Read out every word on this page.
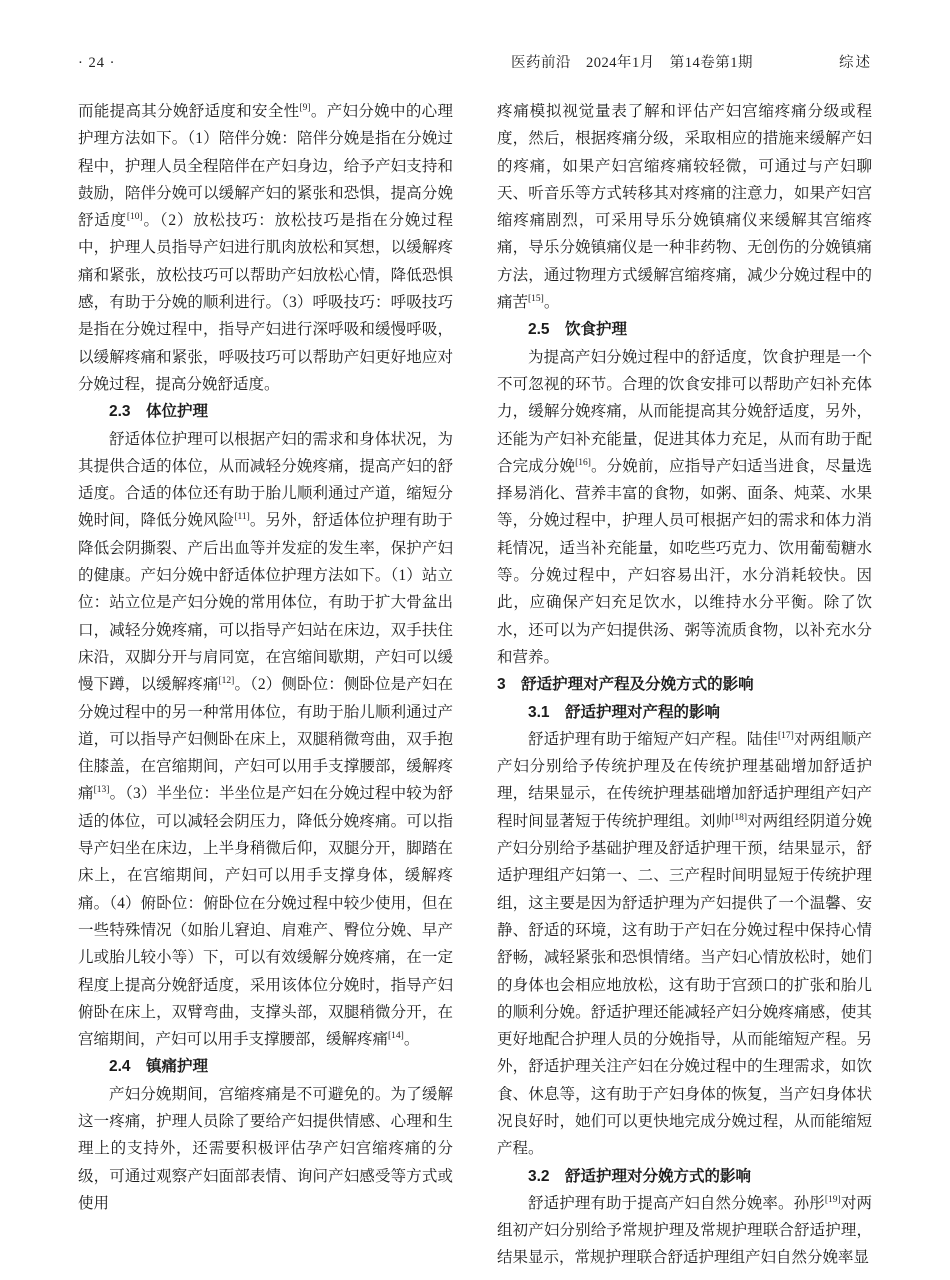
· 24 ·	医药前沿　2024年1月　第14卷第1期	综述

而能提高其分娩舒适度和安全性[9]。产妇分娩中的心理护理方法如下。（1）陪伴分娩：陪伴分娩是指在分娩过程中，护理人员全程陪伴在产妇身边，给予产妇支持和鼓励，陪伴分娩可以缓解产妇的紧张和恐惧，提高分娩舒适度[10]。（2）放松技巧：放松技巧是指在分娩过程中，护理人员指导产妇进行肌肉放松和冥想，以缓解疼痛和紧张，放松技巧可以帮助产妇放松心情，降低恐惧感，有助于分娩的顺利进行。（3）呼吸技巧：呼吸技巧是指在分娩过程中，指导产妇进行深呼吸和缓慢呼吸，以缓解疼痛和紧张，呼吸技巧可以帮助产妇更好地应对分娩过程，提高分娩舒适度。

2.3　体位护理

舒适体位护理可以根据产妇的需求和身体状况，为其提供合适的体位，从而减轻分娩疼痛，提高产妇的舒适度。合适的体位还有助于胎儿顺利通过产道，缩短分娩时间，降低分娩风险[11]。另外，舒适体位护理有助于降低会阴撕裂、产后出血等并发症的发生率，保护产妇的健康。产妇分娩中舒适体位护理方法如下。（1）站立位：站立位是产妇分娩的常用体位，有助于扩大骨盆出口，减轻分娩疼痛，可以指导产妇站在床边，双手扶住床沿，双脚分开与肩同宽，在宫缩间歇期，产妇可以缓慢下蹲，以缓解疼痛[12]。（2）侧卧位：侧卧位是产妇在分娩过程中的另一种常用体位，有助于胎儿顺利通过产道，可以指导产妇侧卧在床上，双腿稍微弯曲，双手抱住膝盖，在宫缩期间，产妇可以用手支撑腰部，缓解疼痛[13]。（3）半坐位：半坐位是产妇在分娩过程中较为舒适的体位，可以减轻会阴压力，降低分娩疼痛。可以指导产妇坐在床边，上半身稍微后仰，双腿分开，脚踏在床上，在宫缩期间，产妇可以用手支撑身体，缓解疼痛。（4）俯卧位：俯卧位在分娩过程中较少使用，但在一些特殊情况（如胎儿窘迫、肩难产、臀位分娩、早产儿或胎儿较小等）下，可以有效缓解分娩疼痛，在一定程度上提高分娩舒适度，采用该体位分娩时，指导产妇俯卧在床上，双臂弯曲，支撑头部，双腿稍微分开，在宫缩期间，产妇可以用手支撑腰部，缓解疼痛[14]。

2.4　镇痛护理

产妇分娩期间，宫缩疼痛是不可避免的。为了缓解这一疼痛，护理人员除了要给产妇提供情感、心理和生理上的支持外，还需要积极评估孕产妇宫缩疼痛的分级，可通过观察产妇面部表情、询问产妇感受等方式或使用

疼痛模拟视觉量表了解和评估产妇宫缩疼痛分级或程度，然后，根据疼痛分级，采取相应的措施来缓解产妇的疼痛，如果产妇宫缩疼痛较轻微，可通过与产妇聊天、听音乐等方式转移其对疼痛的注意力，如果产妇宫缩疼痛剧烈，可采用导乐分娩镇痛仪来缓解其宫缩疼痛，导乐分娩镇痛仪是一种非药物、无创伤的分娩镇痛方法，通过物理方式缓解宫缩疼痛，减少分娩过程中的痛苦[15]。

2.5　饮食护理

为提高产妇分娩过程中的舒适度，饮食护理是一个不可忽视的环节。合理的饮食安排可以帮助产妇补充体力，缓解分娩疼痛，从而能提高其分娩舒适度，另外，还能为产妇补充能量，促进其体力充足，从而有助于配合完成分娩[16]。分娩前，应指导产妇适当进食，尽量选择易消化、营养丰富的食物，如粥、面条、炖菜、水果等，分娩过程中，护理人员可根据产妇的需求和体力消耗情况，适当补充能量，如吃些巧克力、饮用葡萄糖水等。分娩过程中，产妇容易出汗，水分消耗较快。因此，应确保产妇充足饮水，以维持水分平衡。除了饮水，还可以为产妇提供汤、粥等流质食物，以补充水分和营养。

3　舒适护理对产程及分娩方式的影响

3.1　舒适护理对产程的影响

舒适护理有助于缩短产妇产程。陆佳[17]对两组顺产产妇分别给予传统护理及在传统护理基础增加舒适护理，结果显示，在传统护理基础增加舒适护理组产妇产程时间显著短于传统护理组。刘帅[18]对两组经阴道分娩产妇分别给予基础护理及舒适护理干预，结果显示，舒适护理组产妇第一、二、三产程时间明显短于传统护理组，这主要是因为舒适护理为产妇提供了一个温馨、安静、舒适的环境，这有助于产妇在分娩过程中保持心情舒畅，减轻紧张和恐惧情绪。当产妇心情放松时，她们的身体也会相应地放松，这有助于宫颈口的扩张和胎儿的顺利分娩。舒适护理还能减轻产妇分娩疼痛感，使其更好地配合护理人员的分娩指导，从而能缩短产程。另外，舒适护理关注产妇在分娩过程中的生理需求，如饮食、休息等，这有助于产妇身体的恢复，当产妇身体状况良好时，她们可以更快地完成分娩过程，从而能缩短产程。

3.2　舒适护理对分娩方式的影响

舒适护理有助于提高产妇自然分娩率。孙彤[19]对两组初产妇分别给予常规护理及常规护理联合舒适护理，结果显示，常规护理联合舒适护理组产妇自然分娩率显
